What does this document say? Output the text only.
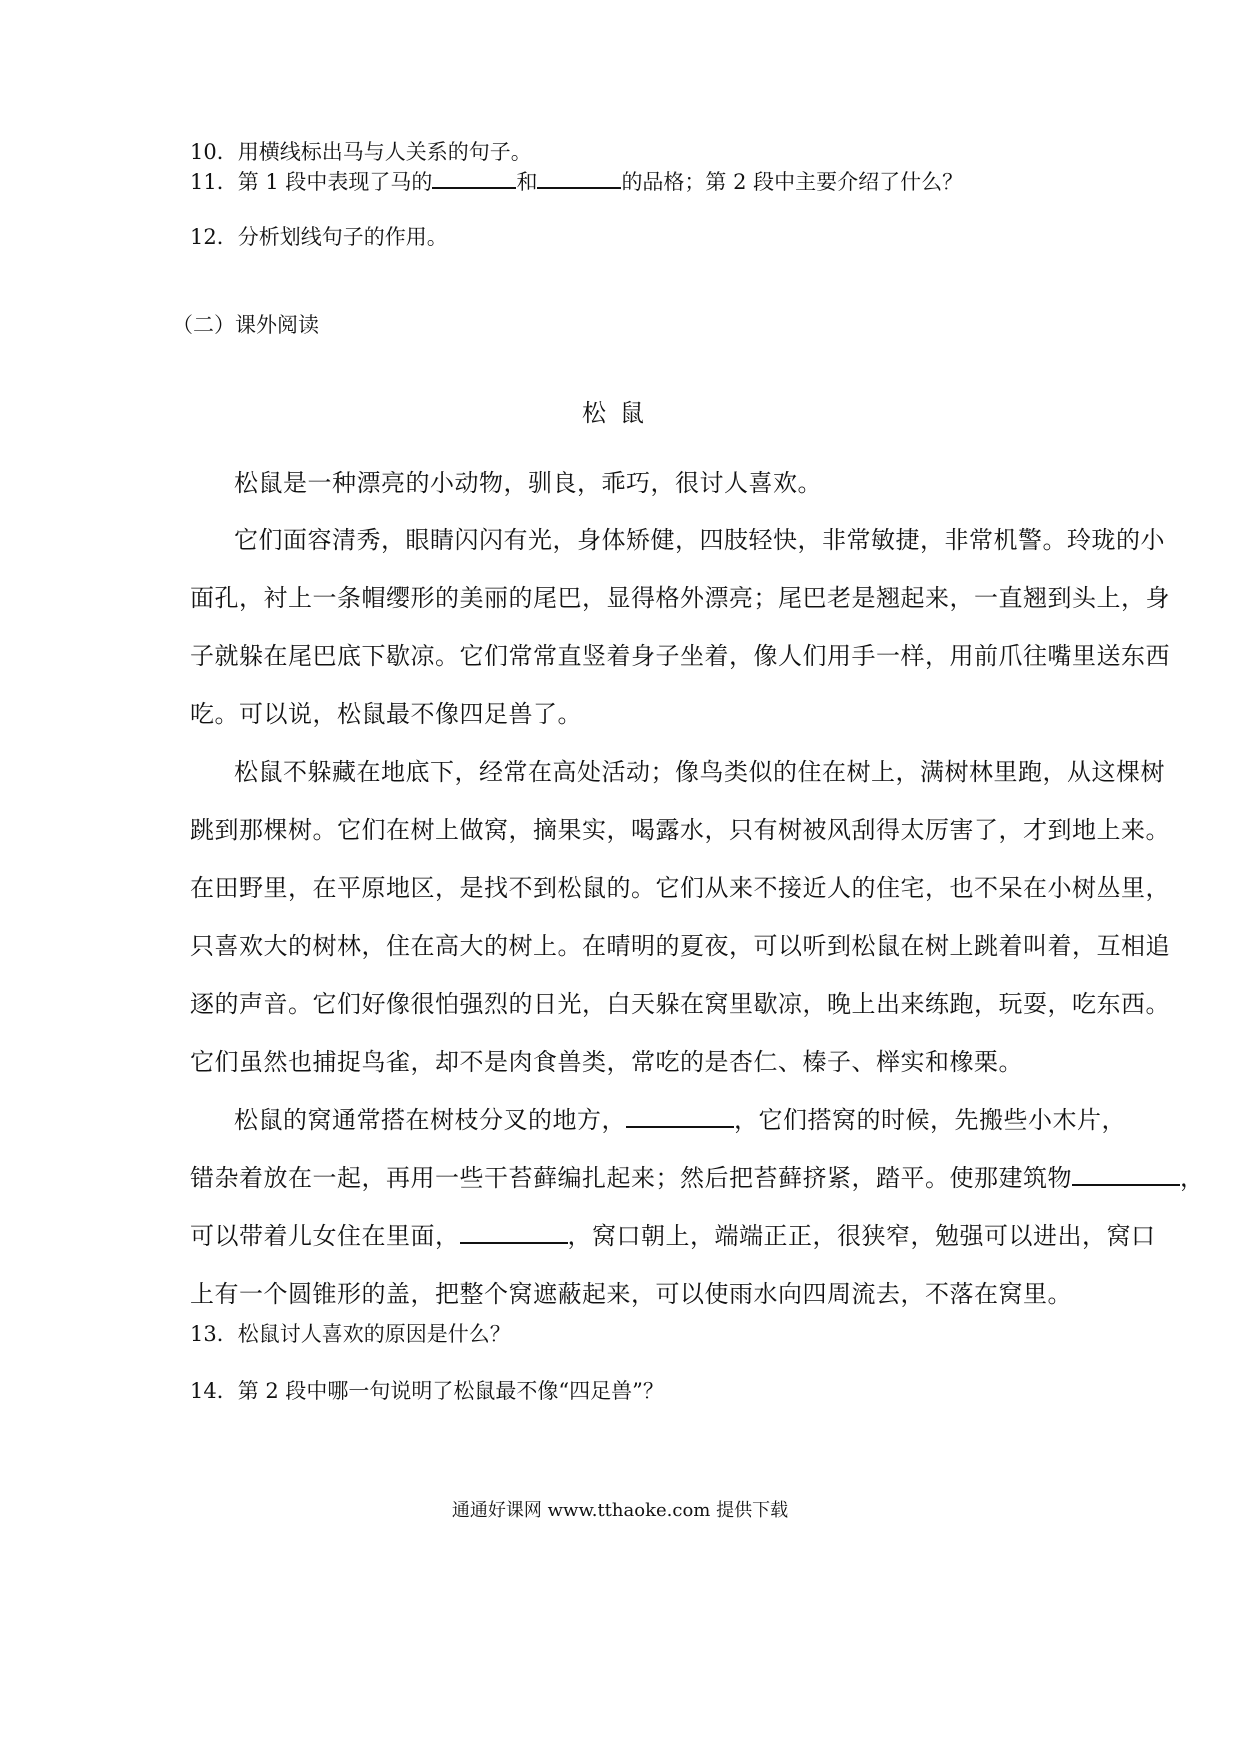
10．用横线标出马与人关系的句子。
11．第 1 段中表现了马的	和	的品格；第 2 段中主要介绍了什么？
12．分析划线句子的作用。
（二）课外阅读
松鼠
松鼠是一种漂亮的小动物，驯良，乖巧，很讨人喜欢。
它们面容清秀，眼睛闪闪有光，身体矫健，四肢轻快，非常敏捷，非常机警。玲珑的小
面孔，衬上一条帽缨形的美丽的尾巴，显得格外漂亮；尾巴老是翘起来，一直翘到头上，身
子就躲在尾巴底下歇凉。它们常常直竖着身子坐着，像人们用手一样，用前爪往嘴里送东西
吃。可以说，松鼠最不像四足兽了。
松鼠不躲藏在地底下，经常在高处活动；像鸟类似的住在树上，满树林里跑，从这棵树
跳到那棵树。它们在树上做窝，摘果实，喝露水，只有树被风刮得太厉害了，才到地上来。
在田野里，在平原地区，是找不到松鼠的。它们从来不接近人的住宅，也不呆在小树丛里，
只喜欢大的树林，住在高大的树上。在晴明的夏夜，可以听到松鼠在树上跳着叫着，互相追
逐的声音。它们好像很怕强烈的日光，白天躲在窝里歇凉，晚上出来练跑，玩耍，吃东西。
它们虽然也捕捉鸟雀，却不是肉食兽类，常吃的是杏仁、榛子、榉实和橡栗。
松鼠的窝通常搭在树枝分叉的地方，	，它们搭窝的时候，先搬些小木片，
错杂着放在一起，再用一些干苔藓编扎起来；然后把苔藓挤紧，踏平。使那建筑物	，
可以带着儿女住在里面，	，窝口朝上，端端正正，很狭窄，勉强可以进出，窝口
上有一个圆锥形的盖，把整个窝遮蔽起来，可以使雨水向四周流去，不落在窝里。
13．松鼠讨人喜欢的原因是什么？
14．第 2 段中哪一句说明了松鼠最不像“四足兽”？
通通好课网 www.tthaoke.com 提供下载
